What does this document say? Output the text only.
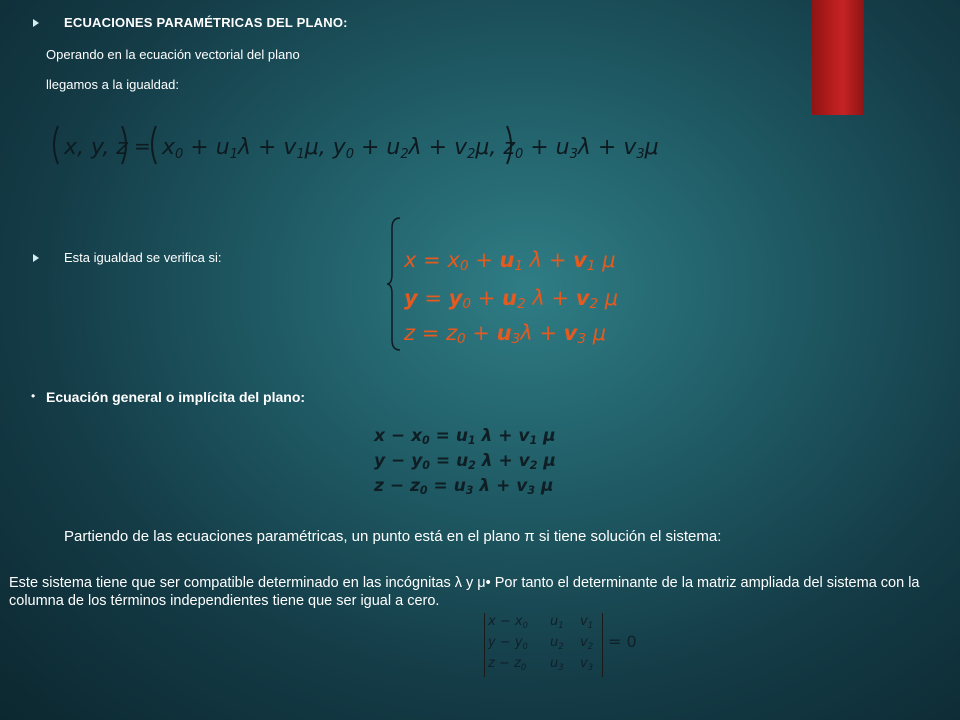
ECUACIONES PARAMÉTRICAS DEL PLANO:
Operando en la ecuación vectorial del plano
llegamos a la igualdad:
x, y, z = x0 + u1λ + v1μ, y0 + u2λ + v2μ, z0 + u3λ + v3μ
Esta igualdad se verifica si:	$x = x_0 + u_1$ $\lambda + v_1$ μ
$y = y_0 + u_2$ $\lambda + v_2$ μ
$z = z_0 + u_3\lambda + v_3$ μ
• Ecuación general o implícita del plano:
$x - x_0 = u_1$ $\lambda + v_1$ μ
$y - y_0 = u_2$ $\lambda + v_2$ μ
$z - z_0 = u_3$ $\lambda + v_3$ μ
Partiendo de las ecuaciones paramétricas, un punto está en el plano π si tiene solución el sistema:
Este sistema tiene que ser compatible determinado en las incógnitas λ y μ• Por tanto el determinante de la matriz ampliada del sistema con la columna de los términos independientes tiene que ser igual a cero.
$x - x_0$ $u_1$ $v_1$
$y - y_0$ $u_2$ $v_2$
$z - z_0$ $u_3$ $v_3$
= 0
